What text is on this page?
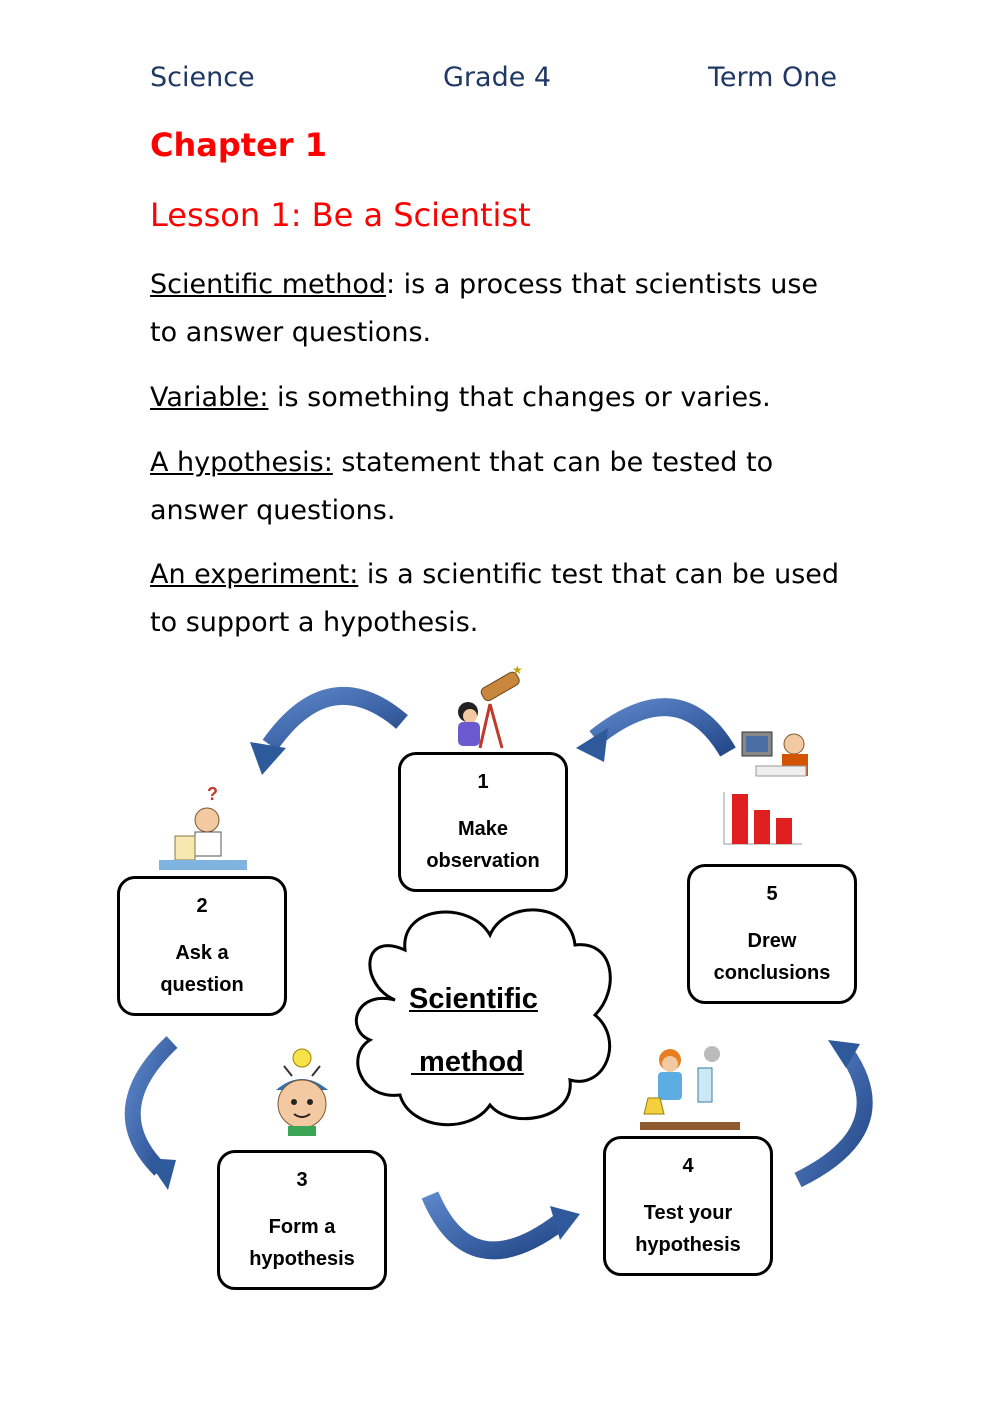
Science	Grade 4	Term One
Chapter 1
Lesson 1: Be a Scientist
Scientific method: is a process that scientists use to answer questions.
Variable: is something that changes or varies.
A hypothesis: statement that can be tested to answer questions.
An experiment: is a scientific test that can be used to support a hypothesis.
Scientific
method
1
Make observation
2
Ask a question
3
Form a hypothesis
4
Test your hypothesis
5
Drew conclusions
★
?
